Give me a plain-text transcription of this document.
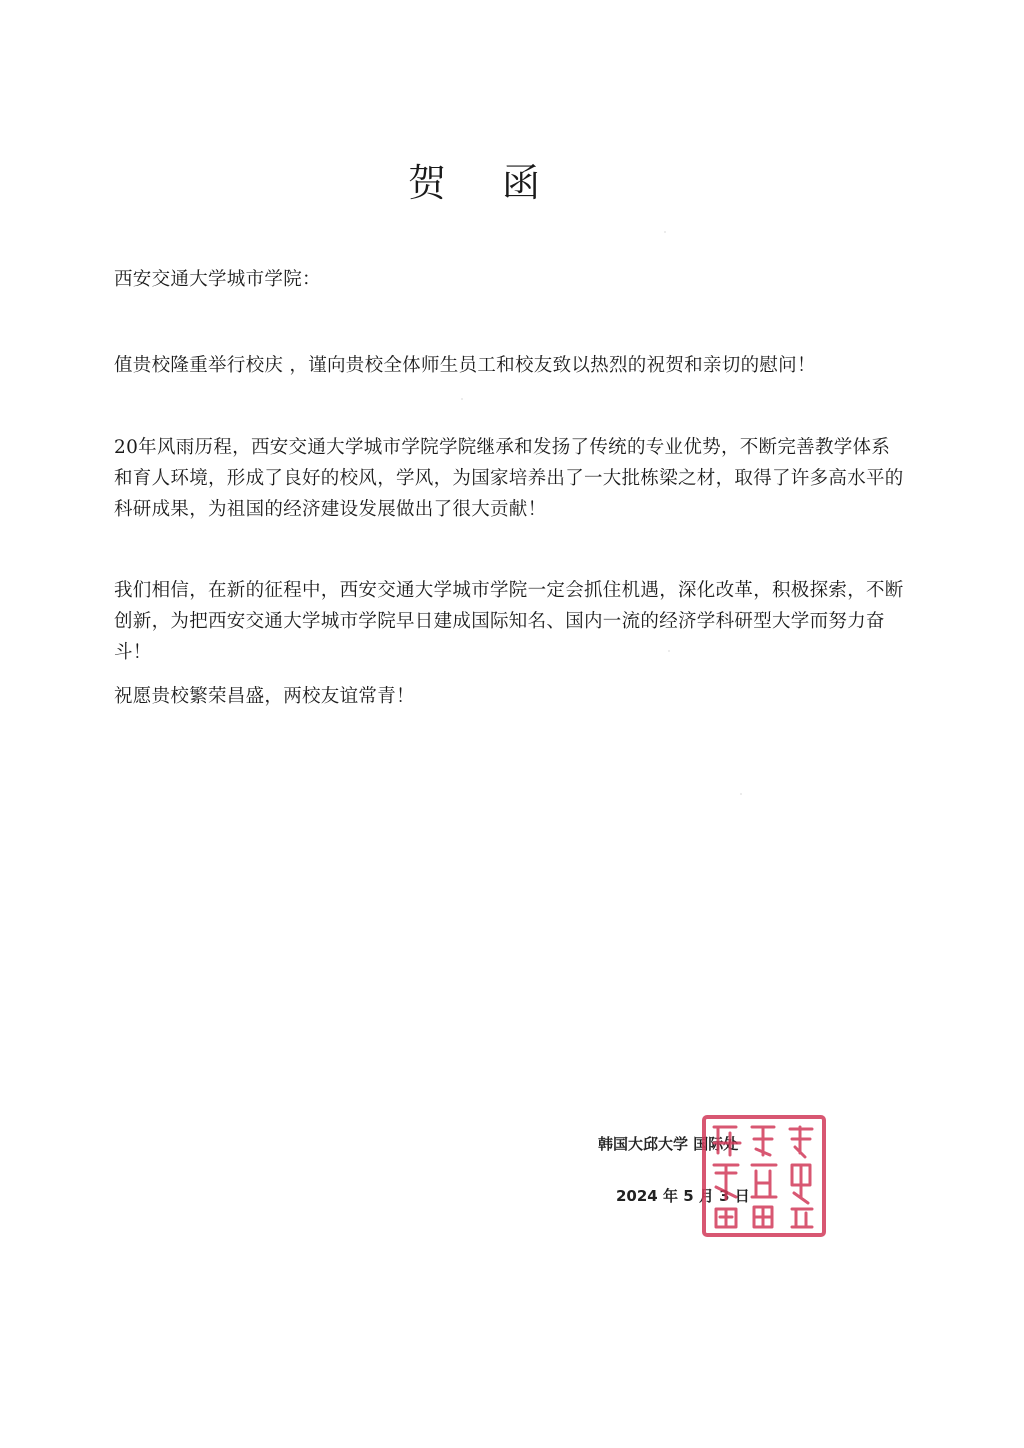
贺 函
西安交通大学城市学院：
值贵校隆重举行校庆 ，谨向贵校全体师生员工和校友致以热烈的祝贺和亲切的慰问！
20年风雨历程，西安交通大学城市学院学院继承和发扬了传统的专业优势，不断完善教学体系和育人环境，形成了良好的校风，学风，为国家培养出了一大批栋梁之材，取得了许多高水平的科研成果，为祖国的经济建设发展做出了很大贡献！
我们相信，在新的征程中，西安交通大学城市学院一定会抓住机遇，深化改革，积极探索，不断创新，为把西安交通大学城市学院早日建成国际知名、国内一流的经济学科研型大学而努力奋斗！
祝愿贵校繁荣昌盛，两校友谊常青！
韩国大邱大学 国际处
2024 年 5 月 3 日
